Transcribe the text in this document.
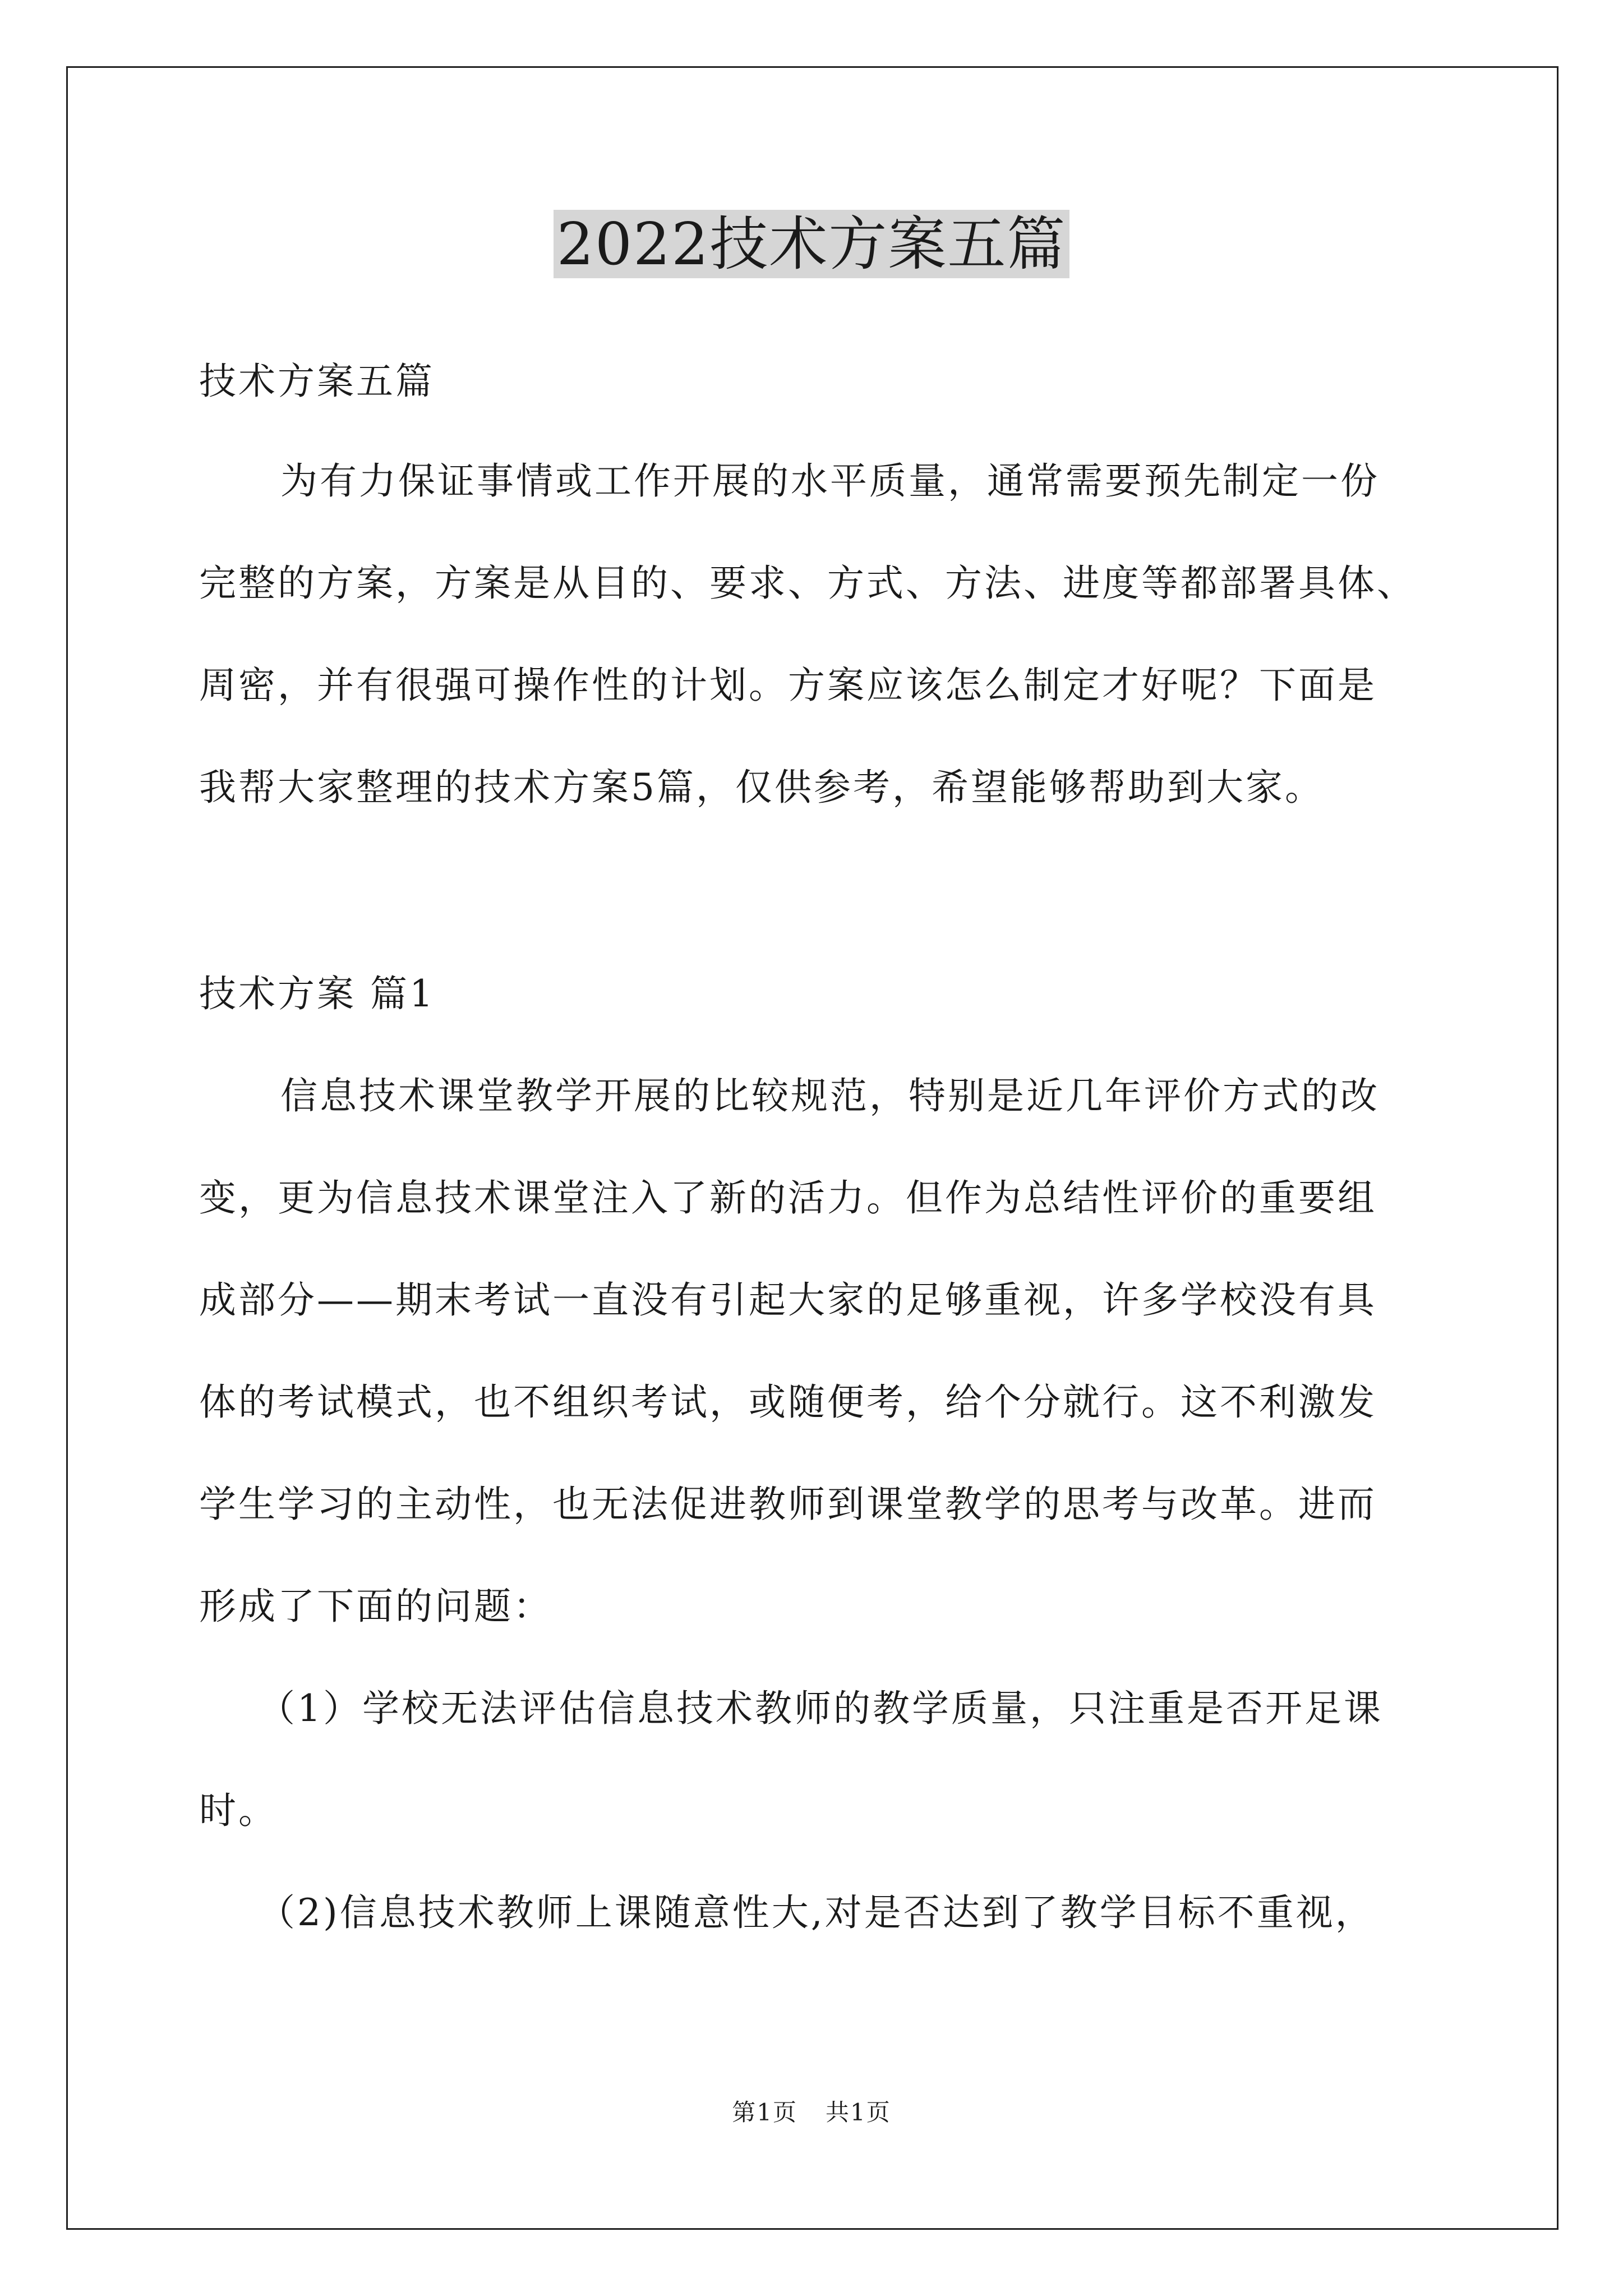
2022技术方案五篇
技术方案五篇
为有力保证事情或工作开展的水平质量，通常需要预先制定一份
完整的方案，方案是从目的、要求、方式、方法、进度等都部署具体、
周密，并有很强可操作性的计划。方案应该怎么制定才好呢？下面是
我帮大家整理的技术方案5篇，仅供参考，希望能够帮助到大家。
技术方案 篇1
信息技术课堂教学开展的比较规范，特别是近几年评价方式的改
变，更为信息技术课堂注入了新的活力。但作为总结性评价的重要组
成部分——期末考试一直没有引起大家的足够重视，许多学校没有具
体的考试模式，也不组织考试，或随便考，给个分就行。这不利激发
学生学习的主动性，也无法促进教师到课堂教学的思考与改革。进而
形成了下面的问题：
（1）学校无法评估信息技术教师的教学质量，只注重是否开足课
时。
（2)信息技术教师上课随意性大,对是否达到了教学目标不重视，
第1页 共1页
